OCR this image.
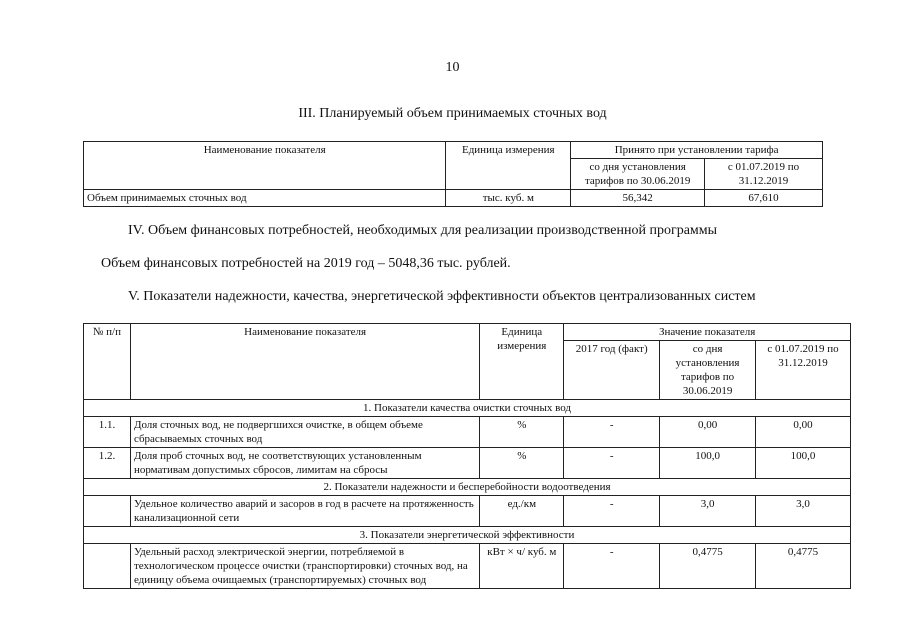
10
III. Планируемый объем принимаемых сточных вод
Наименование показателя	Единица измерения	Принято при установлении тарифа	
		со дня установления тарифов по 30.06.2019	с 01.07.2019 по 31.12.2019
Объем принимаемых сточных вод	тыс. куб. м	56,342	67,610
IV. Объем финансовых потребностей, необходимых для реализации производственной программы
Объем финансовых потребностей на 2019 год – 5048,36 тыс. рублей.
V. Показатели надежности, качества, энергетической эффективности объектов централизованных систем
№ п/п	Наименование показателя	Единица измерения	Значение показателя		
			2017 год (факт)	со дня установления тарифов по 30.06.2019	с 01.07.2019 по 31.12.2019
1. Показатели качества очистки сточных вод					
1.1.	Доля сточных вод, не подвергшихся очистке, в общем объеме сбрасываемых сточных вод	%	-	0,00	0,00
1.2.	Доля проб сточных вод, не соответствующих установленным нормативам допустимых сбросов, лимитам на сбросы	%	-	100,0	100,0
2. Показатели надежности и бесперебойности водоотведения					
	Удельное количество аварий и засоров в год в расчете на протяженность канализационной сети	ед./км	-	3,0	3,0
3. Показатели энергетической эффективности					
	Удельный расход электрической энергии, потребляемой в технологическом процессе очистки (транспортировки) сточных вод, на единицу объема очищаемых (транспортируемых) сточных вод	кВт × ч/ куб. м	-	0,4775	0,4775
